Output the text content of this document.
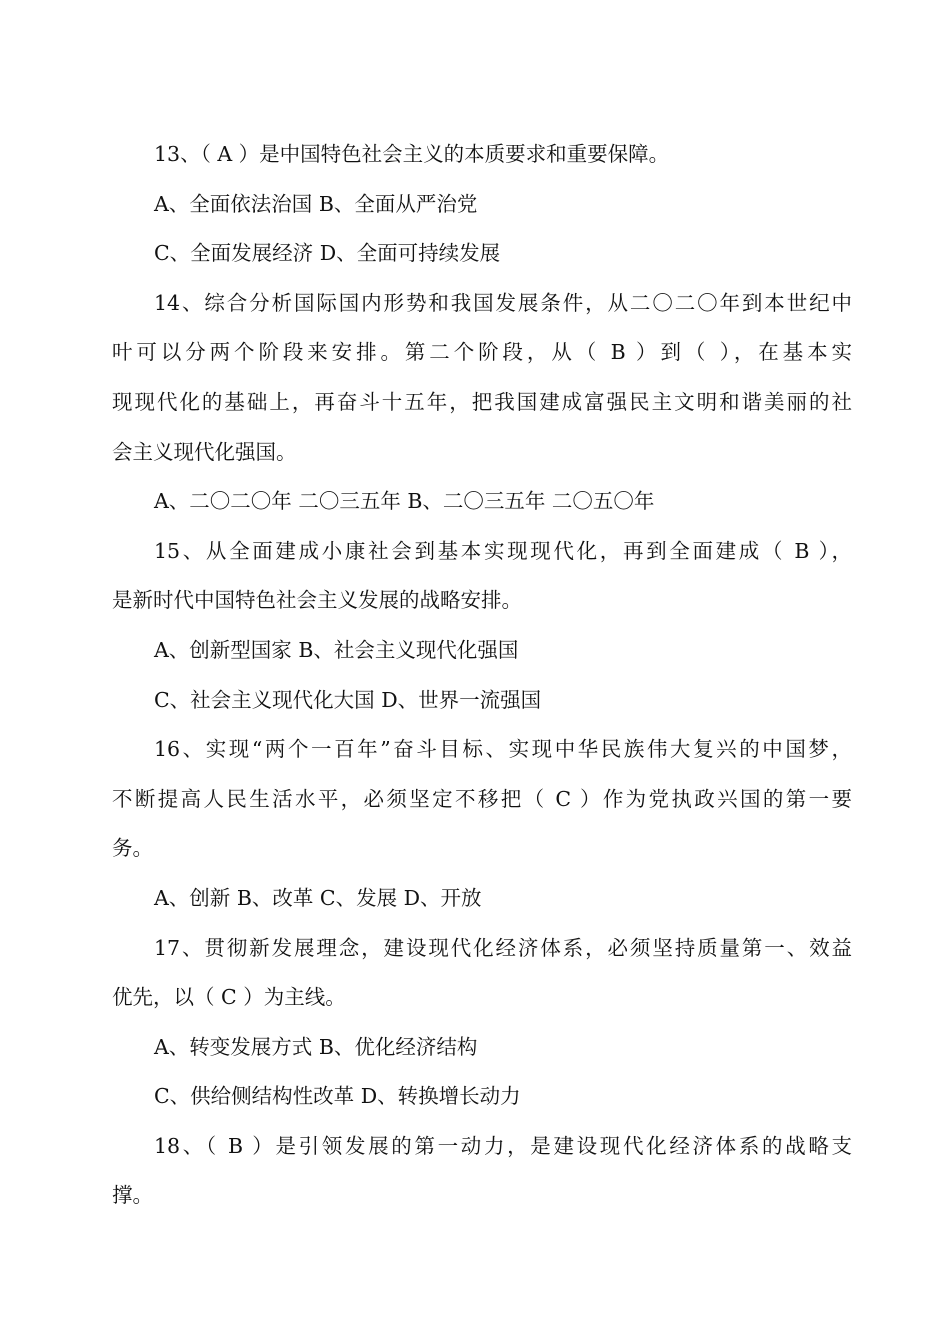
13、（ A ）是中国特色社会主义的本质要求和重要保障。
A、全面依法治国 B、全面从严治党
C、全面发展经济 D、全面可持续发展
14、综合分析国际国内形势和我国发展条件，从二〇二〇年到本世纪中
叶可以分两个阶段来安排。第二个阶段，从（ B ）到（ ），在基本实
现现代化的基础上，再奋斗十五年，把我国建成富强民主文明和谐美丽的社
会主义现代化强国。
A、二〇二〇年 二〇三五年 B、二〇三五年 二〇五〇年
15、从全面建成小康社会到基本实现现代化，再到全面建成（ B ），
是新时代中国特色社会主义发展的战略安排。
A、创新型国家 B、社会主义现代化强国
C、社会主义现代化大国 D、世界一流强国
16、实现“两个一百年”奋斗目标、实现中华民族伟大复兴的中国梦，
不断提高人民生活水平，必须坚定不移把（ C ）作为党执政兴国的第一要
务。
A、创新 B、改革 C、发展 D、开放
17、贯彻新发展理念，建设现代化经济体系，必须坚持质量第一、效益
优先，以（ C ）为主线。
A、转变发展方式 B、优化经济结构
C、供给侧结构性改革 D、转换增长动力
18、（ B ）是引领发展的第一动力，是建设现代化经济体系的战略支
撑。
